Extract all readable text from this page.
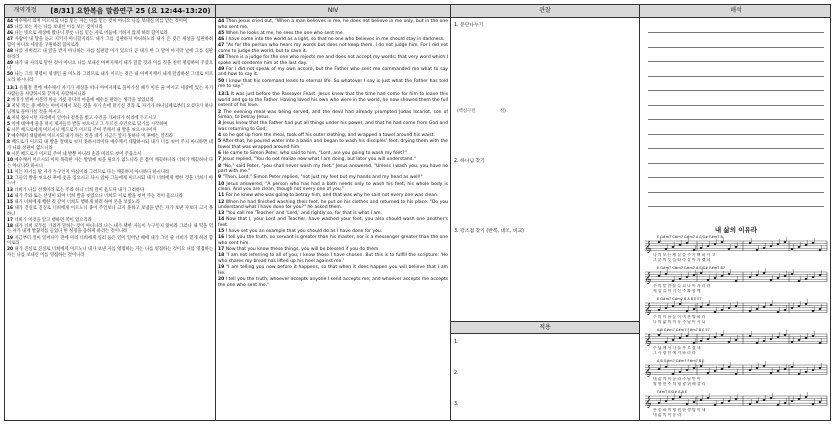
개역개정	[8/31] 요한복음 말씀연구 25 (요 12:44-13:20)	NIV	관찰	해석
44 예수께서 외쳐 이르시되 나를 믿는 자는 나를 믿는 것이 아니요 나를 보내신 이를 믿는 것이며
45 나를 보는 자는 나를 보내신 이를 보는 것이니라
46 나는 빛으로 세상에 왔나니 무릇 나를 믿는 자로 어둠에 거하지 않게 하려 함이로라
47 사람이 내 말을 듣고 지키지 아니할지라도 내가 그를 심판하지 아니하노라 내가 온 것은 세상을 심판하려 함이 아니요 세상을 구원하려 함이로라
48 나를 저버리고 내 말을 받지 아니하는 자를 심판할 이가 있으니 곧 내가 한 그 말이 마지막 날에 그를 심판하리라
49 내가 내 자의로 말한 것이 아니요 나를 보내신 아버지께서 내가 말할 것과 이를 것을 친히 명령하여 주셨으니
50 나는 그의 명령이 영생인 줄 아노라 그러므로 내가 이르는 것은 내 아버지께서 내게 말씀하신 그대로 이르노라 하시니라
13:1 유월절 전에 예수께서 자기가 세상을 떠나 아버지께로 돌아가실 때가 이른 줄 아시고 세상에 있는 자기 사람들을 사랑하시되 끝까지 사랑하시니라
2 마귀가 벌써 시몬의 아들 가룟 유다의 마음에 예수를 팔려는 생각을 넣었더라
3 저녁 먹는 중 예수는 아버지께서 모든 것을 자기 손에 맡기신 것과 또 자기가 하나님께로부터 오셨다가 하나님께로 돌아가실 것을 아시고
4 저녁 잡수시던 자리에서 일어나 겉옷을 벗고 수건을 가져다가 허리에 두르시고
5 이에 대야에 물을 떠서 제자들의 발을 씻으시고 그 두르신 수건으로 닦기를 시작하여
6 시몬 베드로에게 이르시니 베드로가 이르되 주여 주께서 내 발을 씻으시나이까
7 예수께서 대답하여 이르시되 내가 하는 것을 네가 지금은 알지 못하나 이 후에는 알리라
8 베드로가 이르되 내 발을 절대로 씻지 못하시리이다 예수께서 대답하시되 내가 너를 씻어 주지 아니하면 네가 나와 상관이 없느니라
9 시몬 베드로가 이르되 주여 내 발뿐 아니라 손과 머리도 씻어 주옵소서
10 예수께서 이르시되 이미 목욕한 자는 발밖에 씻을 필요가 없느니라 온 몸이 깨끗하니라 너희가 깨끗하나 다는 아니니라 하시니
11 이는 자기를 팔 자가 누구인지 아심이라 그러므로 다는 깨끗하지 아니하다 하시니라
12 그들의 발을 씻으신 후에 옷을 입으시고 다시 앉아 그들에게 이르시되 내가 너희에게 행한 것을 너희가 아느냐
13 너희가 나를 선생이라 또는 주라 하니 너희 말이 옳도다 내가 그러하다
14 내가 주와 또는 선생이 되어 너희 발을 씻었으니 너희도 서로 발을 씻어 주는 것이 옳으니라
15 내가 너희에게 행한 것 같이 너희도 행하게 하려 하여 본을 보였노라
16 내가 진실로 진실로 너희에게 이르노니 종이 주인보다 크지 못하고 보냄을 받은 자가 보낸 자보다 크지 못하니
17 너희가 이것을 알고 행하면 복이 있으리라
18 내가 너희 모두를 가리켜 말하는 것이 아니니라 나는 내가 택한 자들이 누구인지 앎이라 그러나 내 떡을 먹는 자가 내게 발꿈치를 들었다 한 성경을 응하게 하려는 것이니라
19 지금부터 일이 일어나기 전에 미리 너희에게 일러 둠은 일이 일어날 때에 내가 그인 줄 너희가 믿게 하려 함이로라
20 내가 진실로 진실로 너희에게 이르노니 내가 보낸 자를 영접하는 자는 나를 영접하는 것이요 나를 영접하는 자는 나를 보내신 이를 영접하는 것이니라
44 Then Jesus cried out, "When a man believes in me, he does not believe in me only, but in the one who sent me.
45 When he looks at me, he sees the one who sent me.
46 I have come into the world as a light, so that no one who believes in me should stay in darkness.
47 "As for the person who hears my words but does not keep them, I do not judge him. For I did not come to judge the world, but to save it.
48 There is a judge for the one who rejects me and does not accept my words; that very word which I spoke will condemn him at the last day.
49 For I did not speak of my own accord, but the Father who sent me commanded me what to say and how to say it.
50 I know that his command leads to eternal life. So whatever I say is just what the Father has told me to say."
13:1 It was just before the Passover Feast. Jesus knew that the time had come for him to leave this world and go to the Father. Having loved his own who were in the world, he now showed them the full extent of his love.
2 The evening meal was being served, and the devil had already prompted Judas Iscariot, son of Simon, to betray Jesus.
3 Jesus knew that the Father had put all things under his power, and that he had come from God and was returning to God;
4 so he got up from the meal, took off his outer clothing, and wrapped a towel around his waist.
5 After that, he poured water into a basin and began to wash his disciples' feet, drying them with the towel that was wrapped around him.
6 He came to Simon Peter, who said to him, "Lord, are you going to wash my feet?"
7 Jesus replied, "You do not realize now what I am doing, but later you will understand."
8 "No," said Peter, "you shall never wash my feet." Jesus answered, "Unless I wash you, you have no part with me."
9 "Then, Lord," Simon Peter replied, "not just my feet but my hands and my head as well!"
10 Jesus answered, "A person who has had a bath needs only to wash his feet; his whole body is clean. And you are clean, though not every one of you."
11 For he knew who was going to betray him, and that was why he said not every one was clean.
12 When he had finished washing their feet, he put on his clothes and returned to his place. "Do you understand what I have done for you?" he asked them.
13 "You call me 'Teacher' and 'Lord,' and rightly so, for that is what I am.
14 Now that I, your Lord and Teacher, have washed your feet, you also should wash one another's feet.
15 I have set you an example that you should do as I have done for you.
16 I tell you the truth, no servant is greater than his master, nor is a messenger greater than the one who sent him.
17 Now that you know these things, you will be blessed if you do them.
18 "I am not referring to all of you; I know those I have chosen. But this is to fulfill the scripture: 'He who shares my bread has lifted up his heel against me.'
19 "I am telling you now before it happens, so that when it does happen you will believe that I am He.
20 I tell you the truth, whoever accepts anyone I send accepts me; and whoever accepts me accepts the one who sent me."
1. 문단나누기
(핵심구절	절)
2. 하나님 찾기
3. 강조점 찾기 (반복, 대조, 비교)
적용
1.
2.
3.
내 삶의 이유라
𝄞
E G#m7 C#m7 G#m7 A E/G# F#m7 B
나 의 모 든 행 실 을 주 기 뻐 하 시 고
그 분 의 뜻 을 따 라 살 아 가 겠 네
𝄞
E G#m7 C#m7 G#m7 A E/G# F#m7 B7
주 의 말 씀 붙 들 고 나 아 가 리 라
세 상 을 이 기 신 주 와 함 께
𝄞
E G#m7 C#m7 B A B E E7
주 의 이 름 높 이 며 찬 양 하 리
나 의 삶 의 이 유 주 님 이 시 니
𝄞
A B G#m7 C#m7 F#m7 B E E7
주 님 께 서 나 를 부 르 셨 네
그 사 랑 안 에 거 하 리 라
𝄞
A B G#m7 C#m7 F#m7 B E
내 삶 의 이 유 라 주 님 만 이
영 원 한 주 의 영 광 위 해 살 리
𝄞
F#m7 E/G# A B E
찬 송 하 며 영 원 한 생 명 이 네
내 삶 의 이 유 라
